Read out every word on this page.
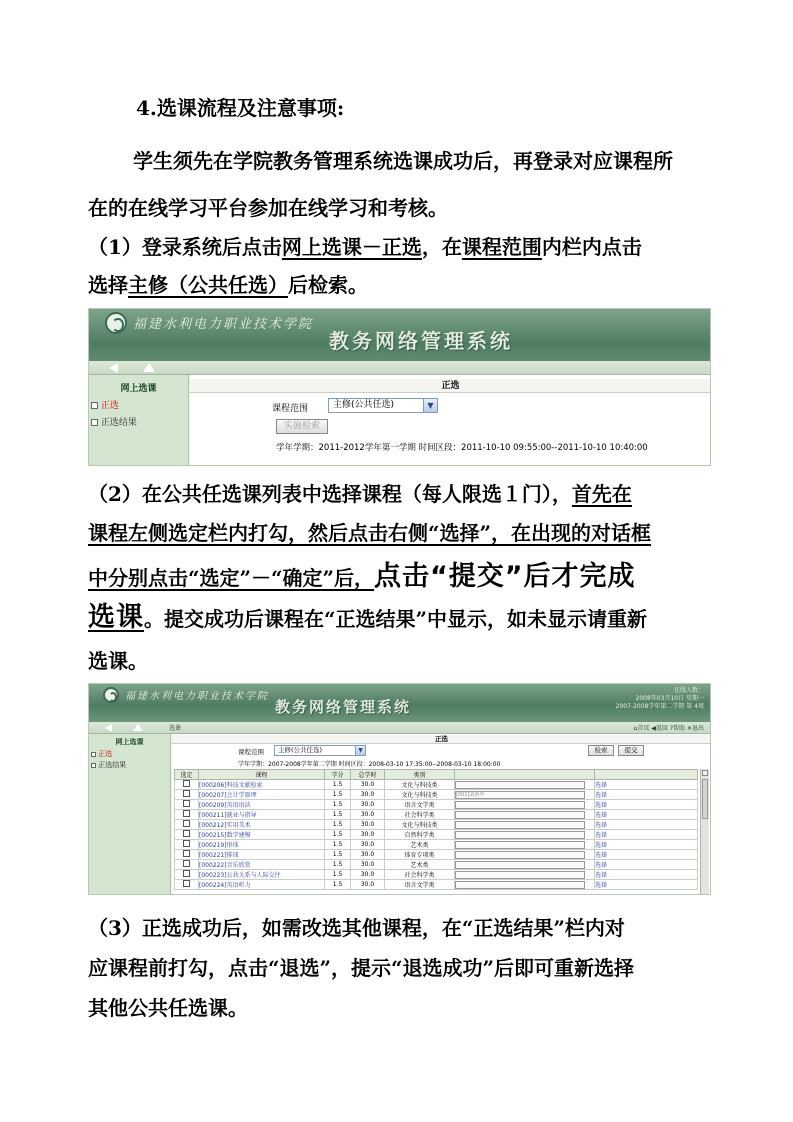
4.选课流程及注意事项:
学生须先在学院教务管理系统选课成功后，再登录对应课程所
在的在线学习平台参加在线学习和考核。
（1）登录系统后点击网上选课－正选，在课程范围内栏内点击
选择主修（公共任选）后检索。
福建水利电力职业技术学院
教务网络管理系统
网上选课
正选
正选结果
正选
课程范围	主修(公共任选)	▼
实施检索
学年学期：2011-2012学年第一学期 时间区段：2011-10-10 09:55:00--2011-10-10 10:40:00
（2）在公共任选课列表中选择课程（每人限选１门），首先在
课程左侧选定栏内打勾，然后点击右侧“选择”，在出现的对话框
中分别点击“选定”－“确定”后，点击“提交”后才完成
选课。提交成功后课程在“正选结果”中显示，如未显示请重新
选课。
福建水利电力职业技术学院
教务网络管理系统
在线人数：
2008年03月10日 星期一
2007-2008学年第二学期 第 4周
选课	⌂首页 ◀返回 ?帮助 ✕退出
网上选课
正选
正选结果
正选
课程范围	主修(公共任选)	▼	检索	提交
学年学期：2007-2008学年第二学期 时间区段：2008-03-10 17:35:00--2008-03-10 18:00:00
选定	课程	学分	总学时	类别		
	[000206]科技文献检索	1.5	30.0	文化与科技类		选择
	[000207]会计学原理	1.5	30.0	文化与科技类	[001]刘新华	选择
	[000209]英语语法	1.5	30.0	语言文学类		选择
	[000211]就业与指导	1.5	30.0	社会科学类		选择
	[000212]实用美术	1.5	30.0	文化与科技类		选择
	[000215]数学建模	1.5	30.0	自然科学类		选择
	[000219]形体	1.5	30.0	艺术类		选择
	[000221]排球	1.5	30.0	体育专项类		选择
	[000222]音乐欣赏	1.5	30.0	艺术类		选择
	[000223]公共关系与人际交往	1.5	30.0	社会科学类		选择
	[000224]英语听力	1.5	30.0	语言文学类		选择
（3）正选成功后，如需改选其他课程，在“正选结果”栏内对
应课程前打勾，点击“退选”，提示“退选成功”后即可重新选择
其他公共任选课。
